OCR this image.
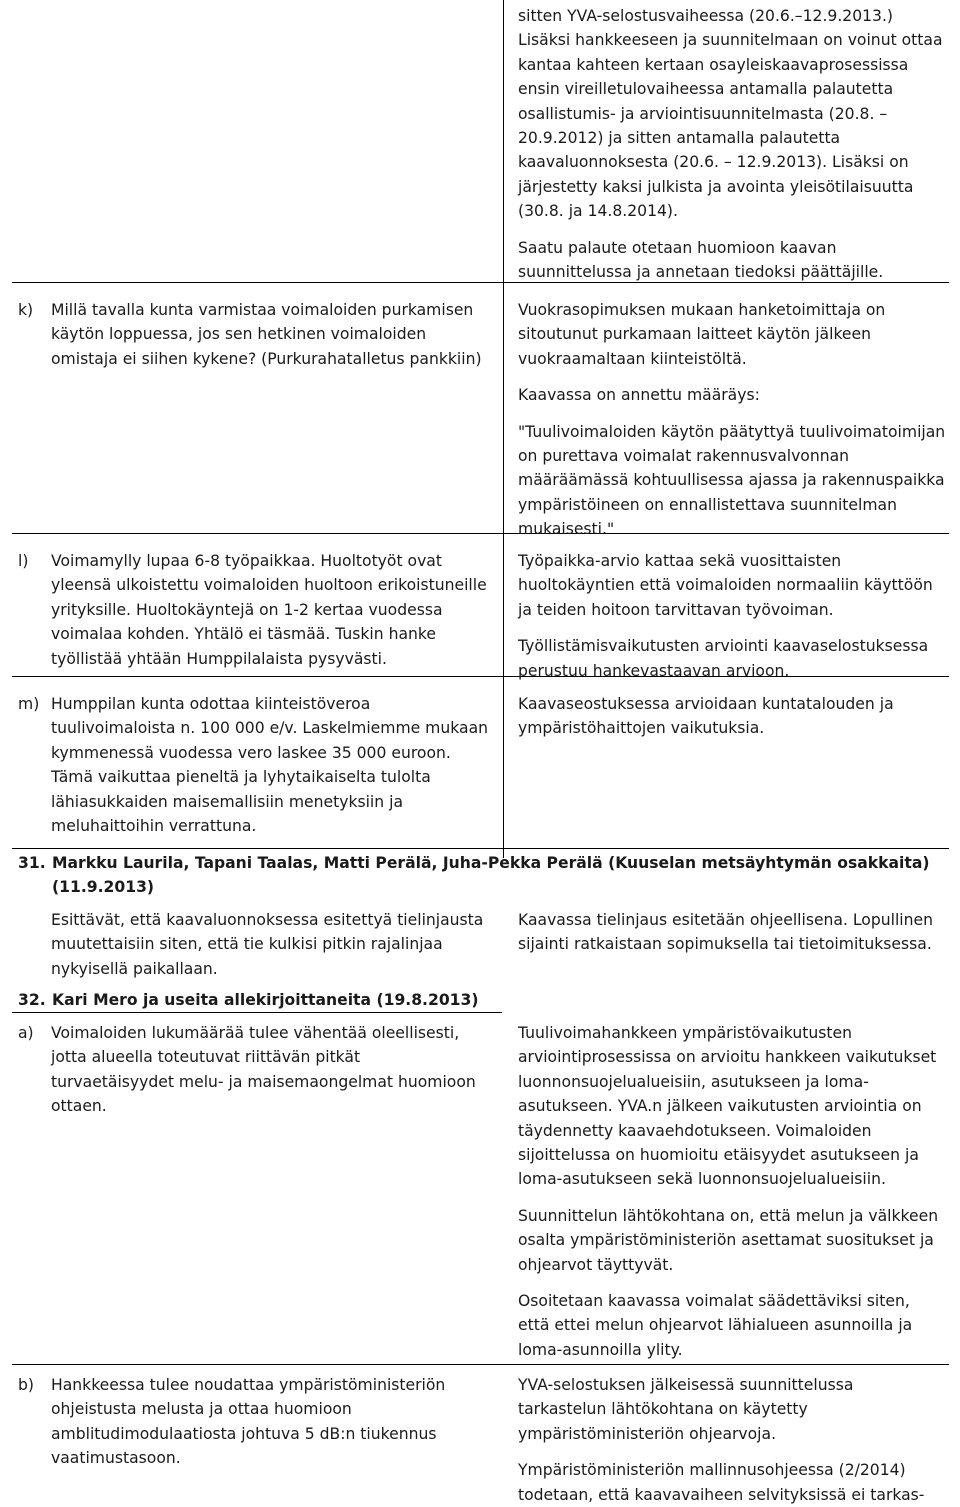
sitten YVA-selostusvaiheessa (20.6.–12.9.2013.) Lisäksi hankkeeseen ja suunnitelmaan on voinut ottaa kantaa kahteen kertaan osayleiskaavaprosessissa ensin vireilletulovaiheessa antamalla palautetta osallistumis- ja arviointisuunnitelmasta (20.8. – 20.9.2012) ja sitten antamalla palautetta kaavaluonnoksesta (20.6. – 12.9.2013). Lisäksi on järjestetty kaksi julkista ja avointa yleisötilaisuutta (30.8. ja 14.8.2014).

Saatu palaute otetaan huomioon kaavan suunnittelussa ja annetaan tiedoksi päättäjille.

k) Millä tavalla kunta varmistaa voimaloiden purkamisen käytön loppuessa, jos sen hetkinen voimaloiden omistaja ei siihen kykene? (Purkurahatalletus pankkiin)

Vuokrasopimuksen mukaan hanketoimittaja on sitoutunut purkamaan laitteet käytön jälkeen vuokraamaltaan kiinteistöltä.

Kaavassa on annettu määräys:

"Tuulivoimaloiden käytön päätyttyä tuulivoimatoimijan on purettava voimalat rakennusvalvonnan määräämässä kohtuullisessa ajassa ja rakennuspaikka ympäristöineen on ennallistettava suunnitelman mukaisesti."

l) Voimamylly lupaa 6-8 työpaikkaa. Huoltotyöt ovat yleensä ulkoistettu voimaloiden huoltoon erikoistuneille yrityksille. Huoltokäyntejä on 1-2 kertaa vuodessa voimalaa kohden. Yhtälö ei täsmää. Tuskin hanke työllistää yhtään Humppilalaista pysyvästi.

Työpaikka-arvio kattaa sekä vuosittaisten huoltokäyntien että voimaloiden normaaliin käyttöön ja teiden hoitoon tarvittavan työvoiman.

Työllistämisvaikutusten arviointi kaavaselostuksessa perustuu hankevastaavan arvioon.

m) Humppilan kunta odottaa kiinteistöveroa tuulivoimaloista n. 100 000 e/v. Laskelmiemme mukaan kymmenessä vuodessa vero laskee 35 000 euroon. Tämä vaikuttaa pieneltä ja lyhytaikaiselta tulolta lähiasukkaiden maisemallisiin menetyksiin ja meluhaittoihin verrattuna.

Kaavaseostuksessa arvioidaan kuntatalouden ja ympäristöhaittojen vaikutuksia.

31. Markku Laurila, Tapani Taalas, Matti Perälä, Juha-Pekka Perälä (Kuuselan metsäyhtymän osakkaita) (11.9.2013)

Esittävät, että kaavaluonnoksessa esitettyä tielinjausta muutettaisiin siten, että tie kulkisi pitkin rajalinjaa nykyisellä paikallaan.

Kaavassa tielinjaus esitetään ohjeellisena. Lopullinen sijainti ratkaistaan sopimuksella tai tietoimituksessa.

32. Kari Mero ja useita allekirjoittaneita (19.8.2013)

a) Voimaloiden lukumäärää tulee vähentää oleellisesti, jotta alueella toteutuvat riittävän pitkät turvaetäisyydet melu- ja maisemaongelmat huomioon ottaen.

Tuulivoimahankkeen ympäristövaikutusten arviointiprosessissa on arvioitu hankkeen vaikutukset luonnonsuojelualueisiin, asutukseen ja loma-asutukseen. YVA.n jälkeen vaikutusten arviointia on täydennetty kaavaehdotukseen. Voimaloiden sijoittelussa on huomioitu etäisyydet asutukseen ja loma-asutukseen sekä luonnonsuojelualueisiin.

Suunnittelun lähtökohtana on, että melun ja välkkeen osalta ympäristöministeriön asettamat suositukset ja ohjearvot täyttyvät.

Osoitetaan kaavassa voimalat säädettäviksi siten, että ettei melun ohjearvot lähialueen asunnoilla ja loma-asunnoilla ylity.

b) Hankkeessa tulee noudattaa ympäristöministeriön ohjeistusta melusta ja ottaa huomioon amblitudimodulaatiosta johtuva 5 dB:n tiukennus vaatimustasoon.

YVA-selostuksen jälkeisessä suunnittelussa tarkastelun lähtökohtana on käytetty ympäristöministeriön ohjearvoja.

Ympäristöministeriön mallinnusohjeessa (2/2014) todetaan, että kaavavaiheen selvityksissä ei tarkas-
